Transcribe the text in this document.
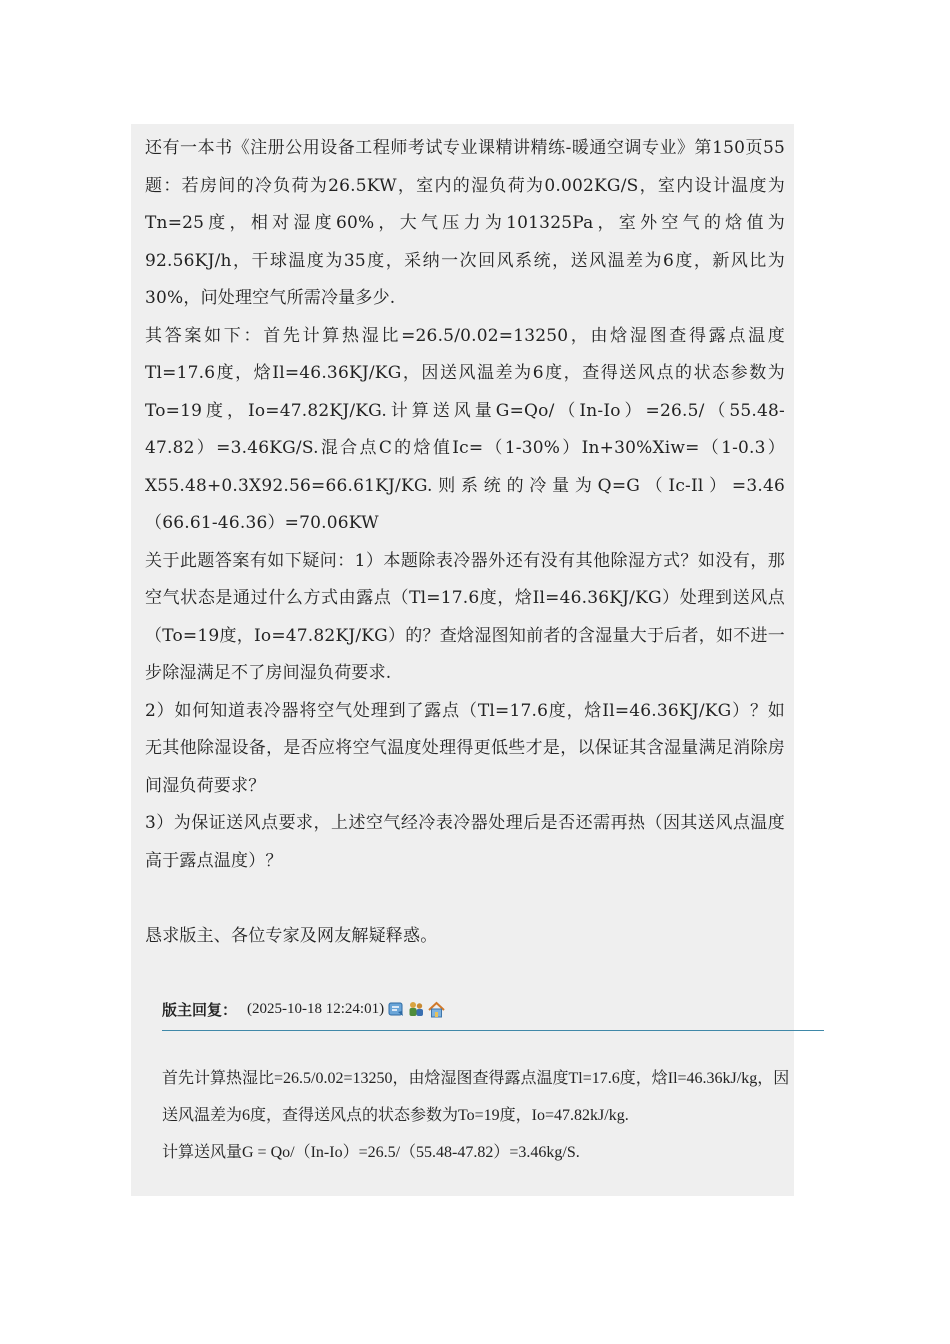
还有一本书《注册公用设备工程师考试专业课精讲精练-暖通空调专业》第150页55题：若房间的冷负荷为26.5KW，室内的湿负荷为0.002KG/S，室内设计温度为Tn=25度，相对湿度60%，大气压力为101325Pa，室外空气的焓值为92.56KJ/h，干球温度为35度，采纳一次回风系统，送风温差为6度，新风比为30%，问处理空气所需冷量多少.

其答案如下：首先计算热湿比=26.5/0.02=13250，由焓湿图查得露点温度Tl=17.6度，焓Il=46.36KJ/KG，因送风温差为6度，查得送风点的状态参数为To=19度，Io=47.82KJ/KG.计算送风量G=Qo/（In-Io）=26.5/（55.48-47.82）=3.46KG/S.混合点C的焓值Ic=（1-30%）In+30%Xiw=（1-0.3）X55.48+0.3X92.56=66.61KJ/KG.则系统的冷量为Q=G（Ic-Il）=3.46（66.61-46.36）=70.06KW

关于此题答案有如下疑问：1）本题除表冷器外还有没有其他除湿方式？如没有，那空气状态是通过什么方式由露点（Tl=17.6度，焓Il=46.36KJ/KG）处理到送风点（To=19度，Io=47.82KJ/KG）的？查焓湿图知前者的含湿量大于后者，如不进一步除湿满足不了房间湿负荷要求.

2）如何知道表冷器将空气处理到了露点（Tl=17.6度，焓Il=46.36KJ/KG）？如无其他除湿设备，是否应将空气温度处理得更低些才是，以保证其含湿量满足消除房间湿负荷要求？

3）为保证送风点要求，上述空气经冷表冷器处理后是否还需再热（因其送风点温度高于露点温度）？

恳求版主、各位专家及网友解疑释惑。

版主回复： (2025-10-18 12:24:01)

首先计算热湿比=26.5/0.02=13250，由焓湿图查得露点温度Tl=17.6度，焓Il=46.36kJ/kg，因送风温差为6度，查得送风点的状态参数为To=19度，Io=47.82kJ/kg.

计算送风量G = Qo/（In-Io）=26.5/（55.48-47.82）=3.46kg/S.
